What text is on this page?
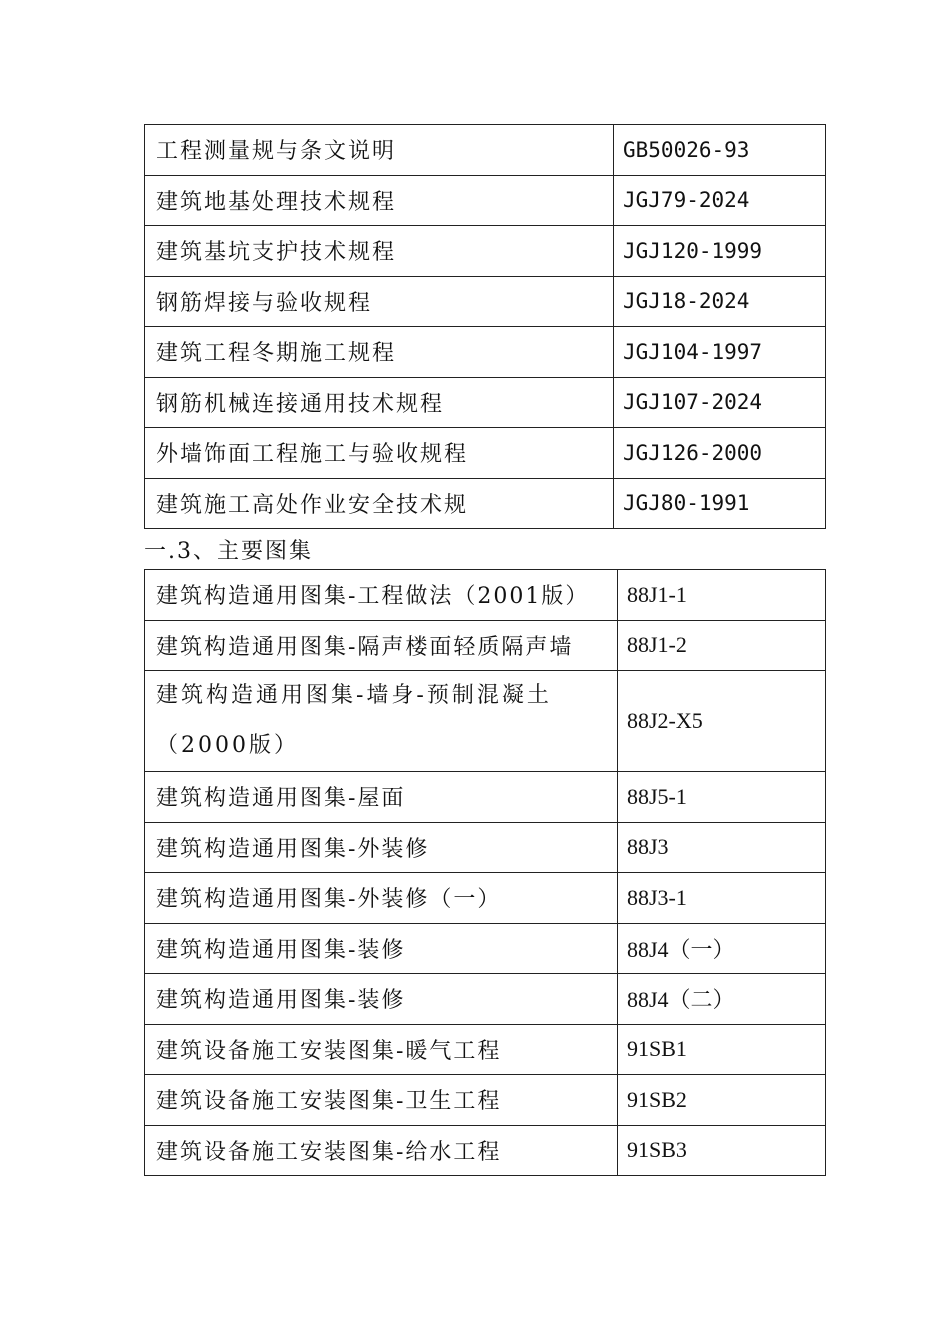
工程测量规与条文说明	GB50026-93
建筑地基处理技术规程	JGJ79-2024
建筑基坑支护技术规程	JGJ120-1999
钢筋焊接与验收规程	JGJ18-2024
建筑工程冬期施工规程	JGJ104-1997
钢筋机械连接通用技术规程	JGJ107-2024
外墙饰面工程施工与验收规程	JGJ126-2000
建筑施工高处作业安全技术规	JGJ80-1991
一.3、主要图集
建筑构造通用图集-工程做法（2001版）	88J1-1
建筑构造通用图集-隔声楼面轻质隔声墙	88J1-2
建筑构造通用图集-墙身-预制混凝土（2000版）	88J2-X5
建筑构造通用图集-屋面	88J5-1
建筑构造通用图集-外装修	88J3
建筑构造通用图集-外装修（一）	88J3-1
建筑构造通用图集-装修	88J4（一）
建筑构造通用图集-装修	88J4（二）
建筑设备施工安装图集-暖气工程	91SB1
建筑设备施工安装图集-卫生工程	91SB2
建筑设备施工安装图集-给水工程	91SB3
